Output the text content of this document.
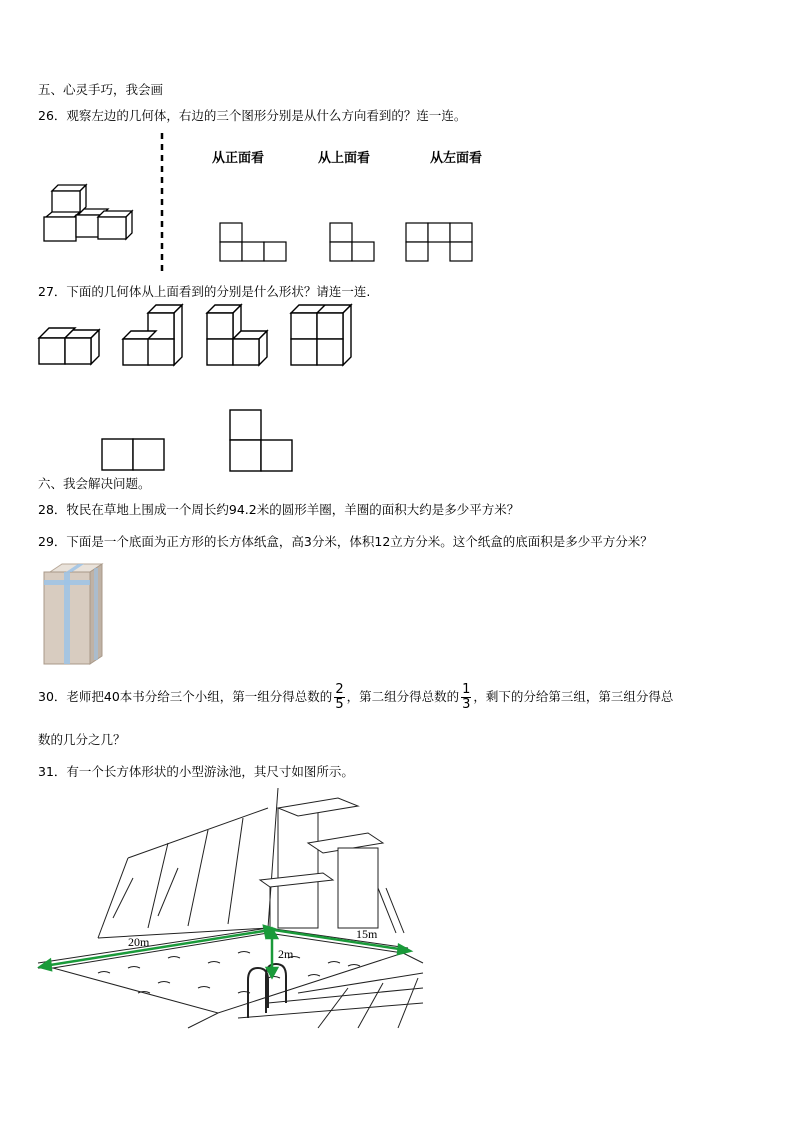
五、心灵手巧，我会画
26．观察左边的几何体，右边的三个图形分别是从什么方向看到的？连一连。
从正面看	从上面看	从左面看
27．下面的几何体从上面看到的分别是什么形状？请连一连.
六、我会解决问题。
28．牧民在草地上围成一个周长约94.2米的圆形羊圈，羊圈的面积大约是多少平方米？
29．下面是一个底面为正方形的长方体纸盒，高3分米，体积12立方分米。这个纸盒的底面积是多少平方分米？
30．老师把40本书分给三个小组，第一组分得总数的 $\frac{2}{5}$ ，第二组分得总数的 $\frac{1}{3}$ ，剩下的分给第三组，第三组分得总
数的几分之几？
31．有一个长方体形状的小型游泳池，其尺寸如图所示。
20m
15m
2m
